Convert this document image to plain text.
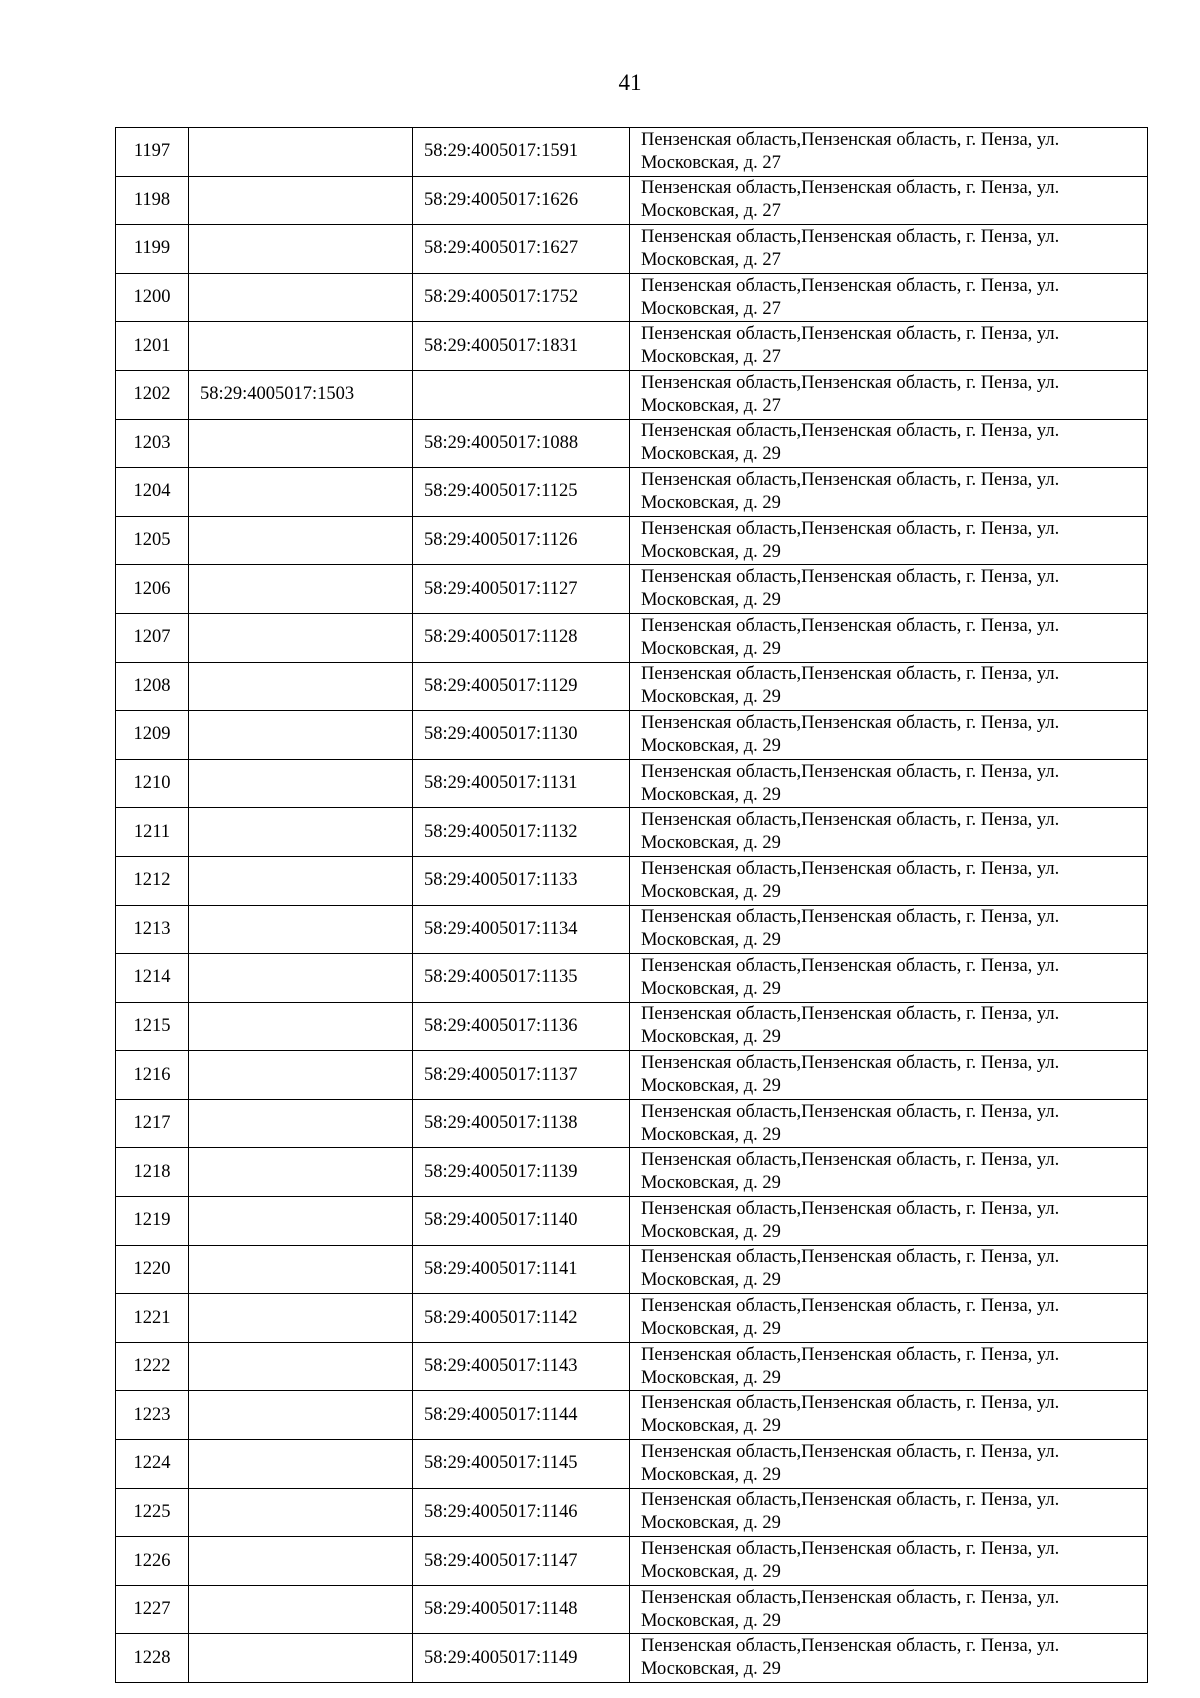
41
1197		58:29:4005017:1591	Пензенская область,Пензенская область, г. Пенза, ул. Московская, д. 27
1198		58:29:4005017:1626	Пензенская область,Пензенская область, г. Пенза, ул. Московская, д. 27
1199		58:29:4005017:1627	Пензенская область,Пензенская область, г. Пенза, ул. Московская, д. 27
1200		58:29:4005017:1752	Пензенская область,Пензенская область, г. Пенза, ул. Московская, д. 27
1201		58:29:4005017:1831	Пензенская область,Пензенская область, г. Пенза, ул. Московская, д. 27
1202	58:29:4005017:1503		Пензенская область,Пензенская область, г. Пенза, ул. Московская, д. 27
1203		58:29:4005017:1088	Пензенская область,Пензенская область, г. Пенза, ул. Московская, д. 29
1204		58:29:4005017:1125	Пензенская область,Пензенская область, г. Пенза, ул. Московская, д. 29
1205		58:29:4005017:1126	Пензенская область,Пензенская область, г. Пенза, ул. Московская, д. 29
1206		58:29:4005017:1127	Пензенская область,Пензенская область, г. Пенза, ул. Московская, д. 29
1207		58:29:4005017:1128	Пензенская область,Пензенская область, г. Пенза, ул. Московская, д. 29
1208		58:29:4005017:1129	Пензенская область,Пензенская область, г. Пенза, ул. Московская, д. 29
1209		58:29:4005017:1130	Пензенская область,Пензенская область, г. Пенза, ул. Московская, д. 29
1210		58:29:4005017:1131	Пензенская область,Пензенская область, г. Пенза, ул. Московская, д. 29
1211		58:29:4005017:1132	Пензенская область,Пензенская область, г. Пенза, ул. Московская, д. 29
1212		58:29:4005017:1133	Пензенская область,Пензенская область, г. Пенза, ул. Московская, д. 29
1213		58:29:4005017:1134	Пензенская область,Пензенская область, г. Пенза, ул. Московская, д. 29
1214		58:29:4005017:1135	Пензенская область,Пензенская область, г. Пенза, ул. Московская, д. 29
1215		58:29:4005017:1136	Пензенская область,Пензенская область, г. Пенза, ул. Московская, д. 29
1216		58:29:4005017:1137	Пензенская область,Пензенская область, г. Пенза, ул. Московская, д. 29
1217		58:29:4005017:1138	Пензенская область,Пензенская область, г. Пенза, ул. Московская, д. 29
1218		58:29:4005017:1139	Пензенская область,Пензенская область, г. Пенза, ул. Московская, д. 29
1219		58:29:4005017:1140	Пензенская область,Пензенская область, г. Пенза, ул. Московская, д. 29
1220		58:29:4005017:1141	Пензенская область,Пензенская область, г. Пенза, ул. Московская, д. 29
1221		58:29:4005017:1142	Пензенская область,Пензенская область, г. Пенза, ул. Московская, д. 29
1222		58:29:4005017:1143	Пензенская область,Пензенская область, г. Пенза, ул. Московская, д. 29
1223		58:29:4005017:1144	Пензенская область,Пензенская область, г. Пенза, ул. Московская, д. 29
1224		58:29:4005017:1145	Пензенская область,Пензенская область, г. Пенза, ул. Московская, д. 29
1225		58:29:4005017:1146	Пензенская область,Пензенская область, г. Пенза, ул. Московская, д. 29
1226		58:29:4005017:1147	Пензенская область,Пензенская область, г. Пенза, ул. Московская, д. 29
1227		58:29:4005017:1148	Пензенская область,Пензенская область, г. Пенза, ул. Московская, д. 29
1228		58:29:4005017:1149	Пензенская область,Пензенская область, г. Пенза, ул. Московская, д. 29
